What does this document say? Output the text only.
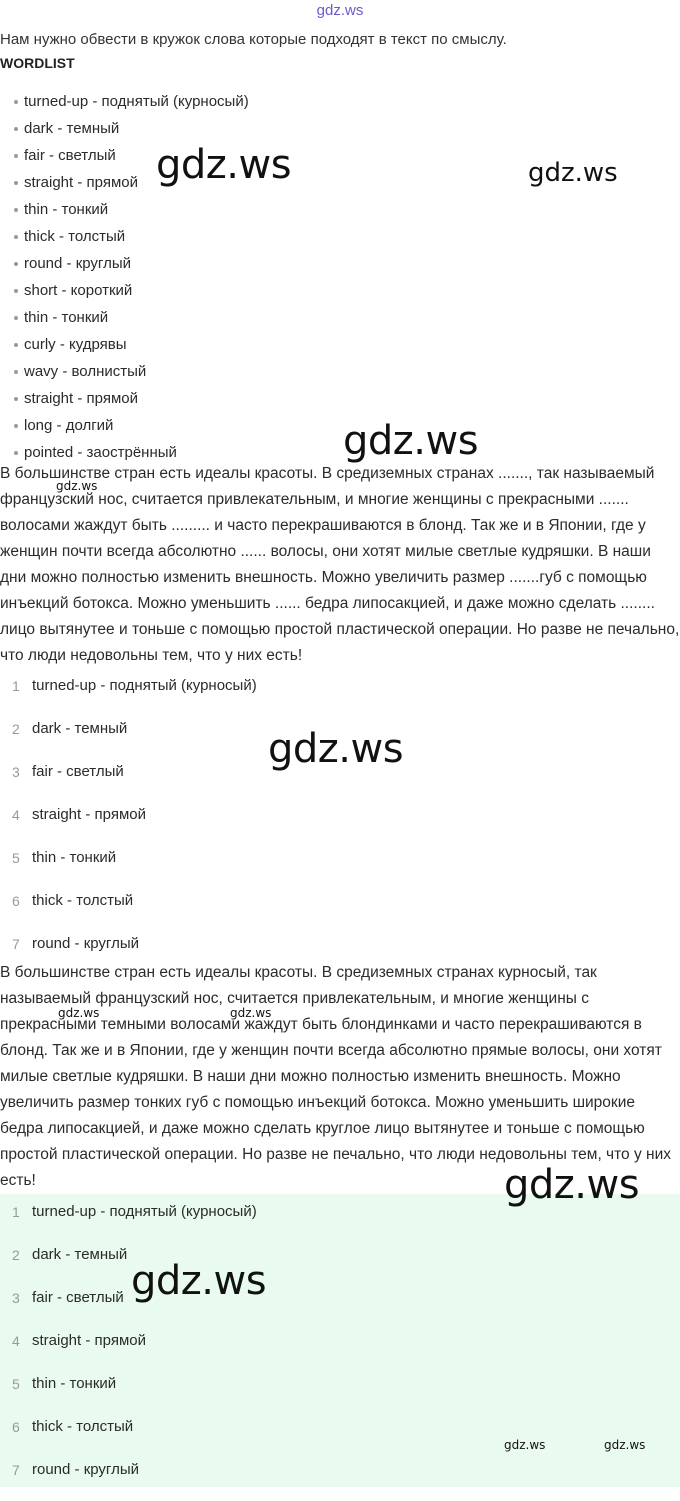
gdz.ws
Нам нужно обвести в кружок слова которые подходят в текст по смыслу.
WORDLIST
turned-up - поднятый (курносый)
dark - темный
fair - светлый
straight - прямой
thin - тонкий
thick - толстый
round - круглый
short - короткий
thin - тонкий
curly - кудрявы
wavy - волнистый
straight - прямой
long - долгий
pointed - заострённый

В большинстве стран есть идеалы красоты. В средиземных странах ......., так называемый французский нос, считается привлекательным, и многие женщины с прекрасными ....... волосами жаждут быть ......... и часто перекрашиваются в блонд. Так же и в Японии, где у женщин почти всегда абсолютно ...... волосы, они хотят милые светлые кудряшки. В наши дни можно полностью изменить внешность. Можно увеличить размер .......губ с помощью инъекций ботокса. Можно уменьшить ...... бедра липосакцией, и даже можно сделать ........ лицо вытянутее и тоньше с помощью простой пластической операции. Но разве не печально, что люди недовольны тем, что у них есть!

1 turned-up - поднятый (курносый)
2 dark - темный
3 fair - светлый
4 straight - прямой
5 thin - тонкий
6 thick - толстый
7 round - круглый

В большинстве стран есть идеалы красоты. В средиземных странах курносый, так называемый французский нос, считается привлекательным, и многие женщины с прекрасными темными волосами жаждут быть блондинками и часто перекрашиваются в блонд. Так же и в Японии, где у женщин почти всегда абсолютно прямые волосы, они хотят милые светлые кудряшки. В наши дни можно полностью изменить внешность. Можно увеличить размер тонких губ с помощью инъекций ботокса. Можно уменьшить широкие бедра липосакцией, и даже можно сделать круглое лицо вытянутее и тоньше с помощью простой пластической операции. Но разве не печально, что люди недовольны тем, что у них есть!

1 turned-up - поднятый (курносый)
2 dark - темный
3 fair - светлый
4 straight - прямой
5 thin - тонкий
6 thick - толстый
7 round - круглый
gdz.ws	gdz.ws
gdz.ws
gdz.ws
gdz.ws
gdz.ws	gdz.ws
gdz.ws
gdz.ws
gdz.ws	gdz.ws
